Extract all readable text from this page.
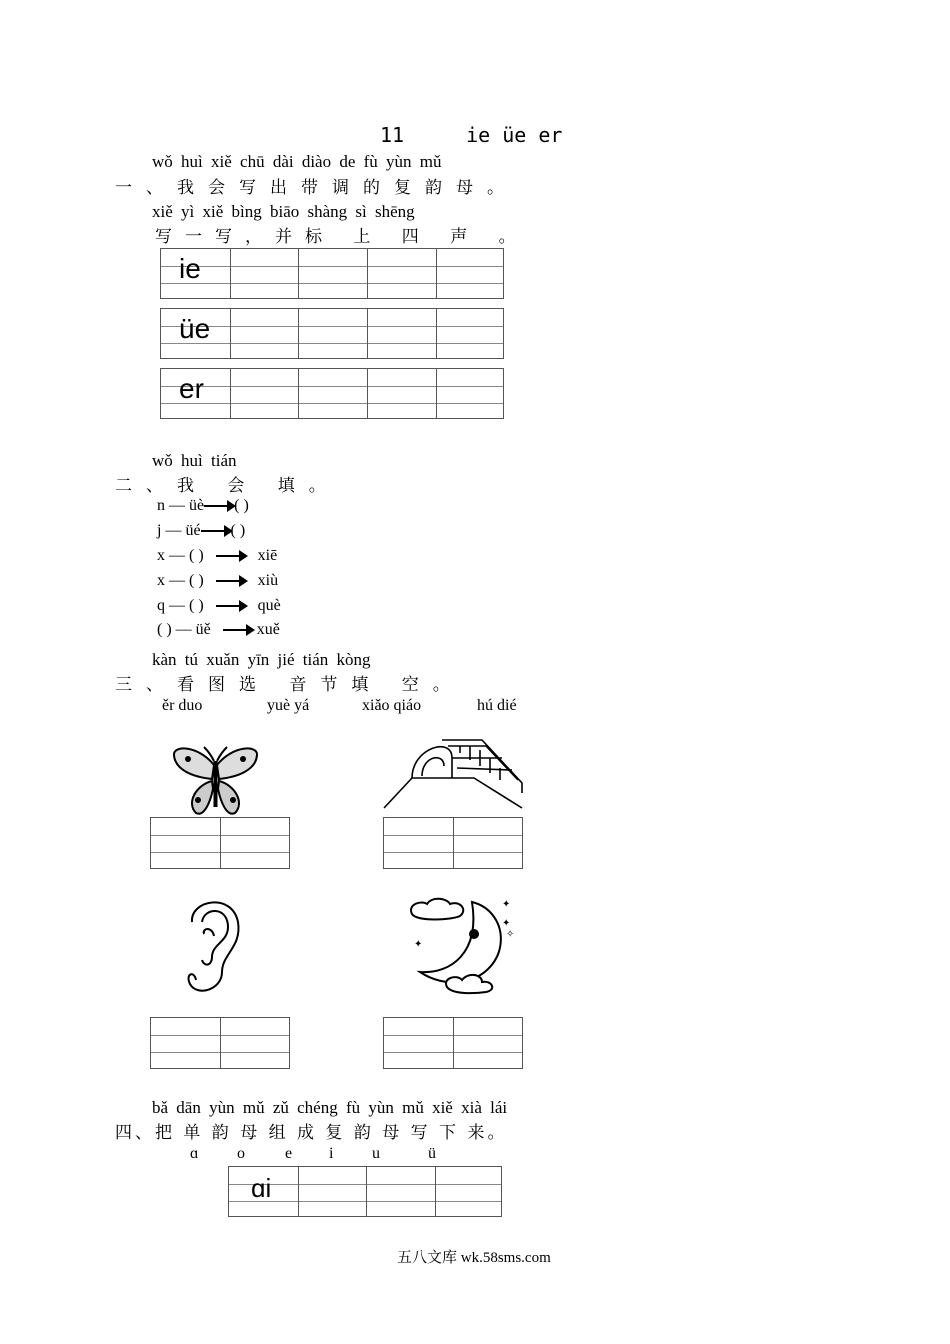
11	ie üe er
wǒ huì xiě chū dài diào de fù yùn mǔ
一、我会写出带调的复韵母。
xiě yì xiě bìng biāo shàng sì shēng
写一写，并标 上 四 声 。
ie
üe
er
wǒ huì tián
二、我 会 填。
n — üè ( )
j — üé ( )
x — ( )	xiē
x — ( )	xiù
q — ( )	què
( ) — üě	xuě
kàn tú xuǎn yīn jié tián kòng
三、看图选 音节填 空。
ěr duo	yuè yá	xiǎo qiáo	hú dié
✦
✦
✧
✦
bǎ dān yùn mǔ zǔ chéng fù yùn mǔ xiě xià lái
四、把 单 韵 母 组 成 复 韵 母 写 下 来。
ɑ o	e i u	ü
ɑi
五八文库 wk.58sms.com
